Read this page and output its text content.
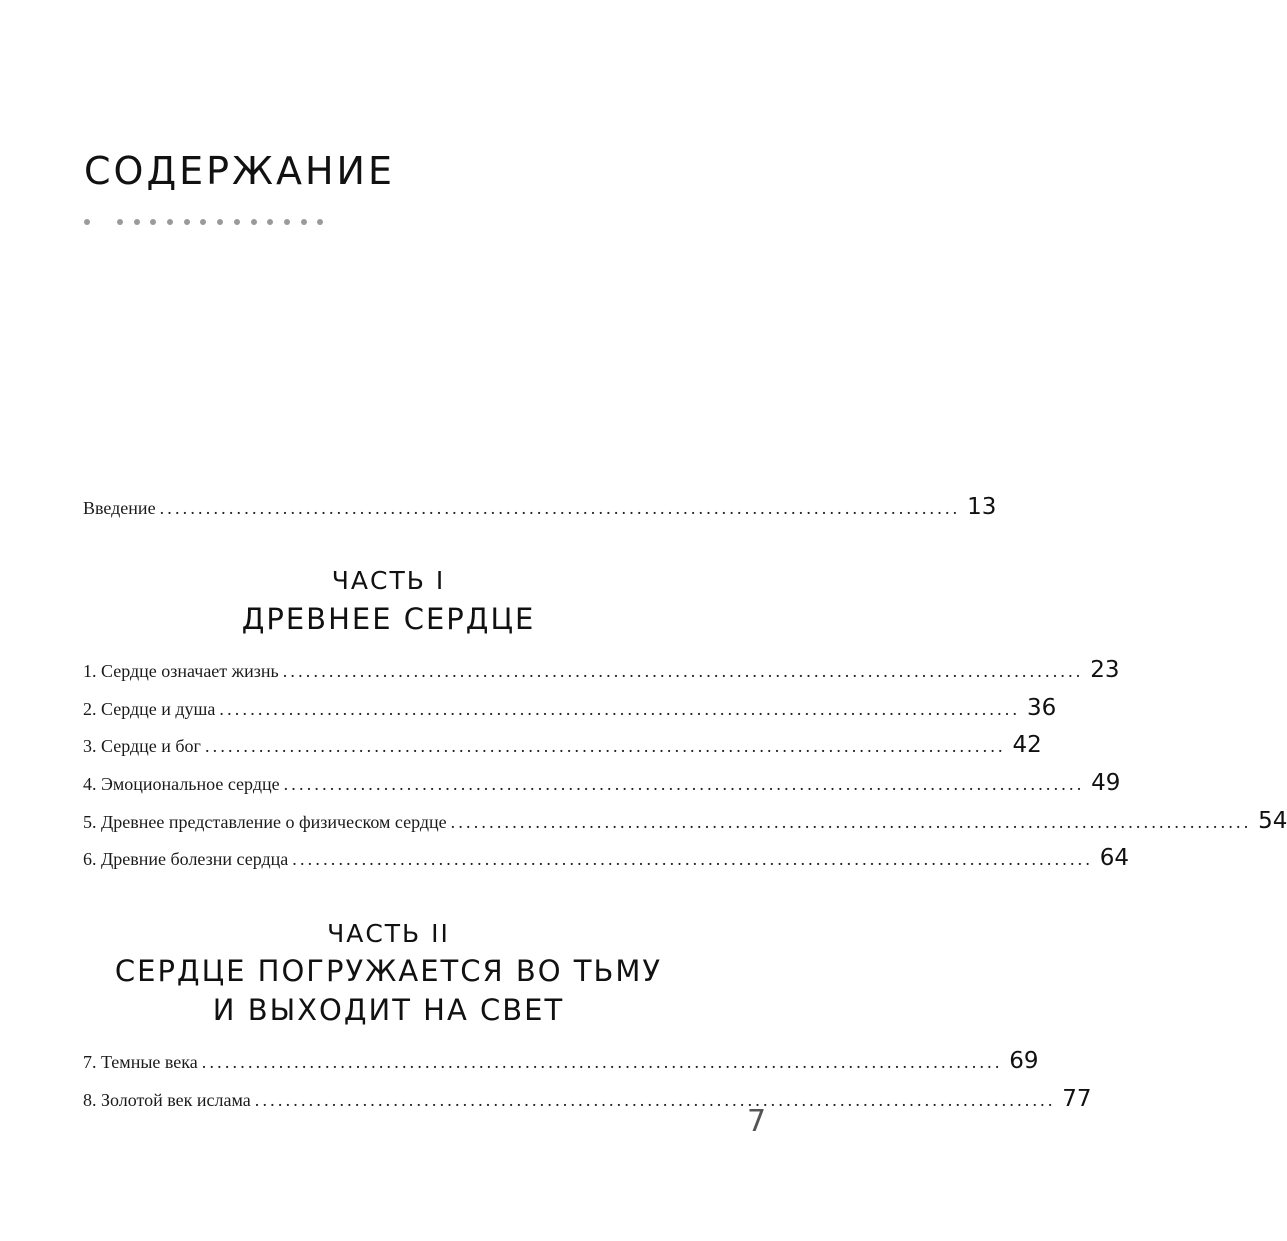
СОДЕРЖАНИЕ
Введение ........................................................................................................ 13
ЧАСТЬ I
ДРЕВНЕЕ СЕРДЦЕ
1. Сердце означает жизнь ........................................................................................................ 23
2. Сердце и душа ........................................................................................................ 36
3. Сердце и бог ........................................................................................................ 42
4. Эмоциональное сердце ........................................................................................................ 49
5. Древнее представление о физическом сердце ........................................................................................................ 54
6. Древние болезни сердца ........................................................................................................ 64
ЧАСТЬ II
СЕРДЦЕ ПОГРУЖАЕТСЯ ВО ТЬМУ
И ВЫХОДИТ НА СВЕТ
7. Темные века ........................................................................................................ 69
8. Золотой век ислама ........................................................................................................ 77
7
